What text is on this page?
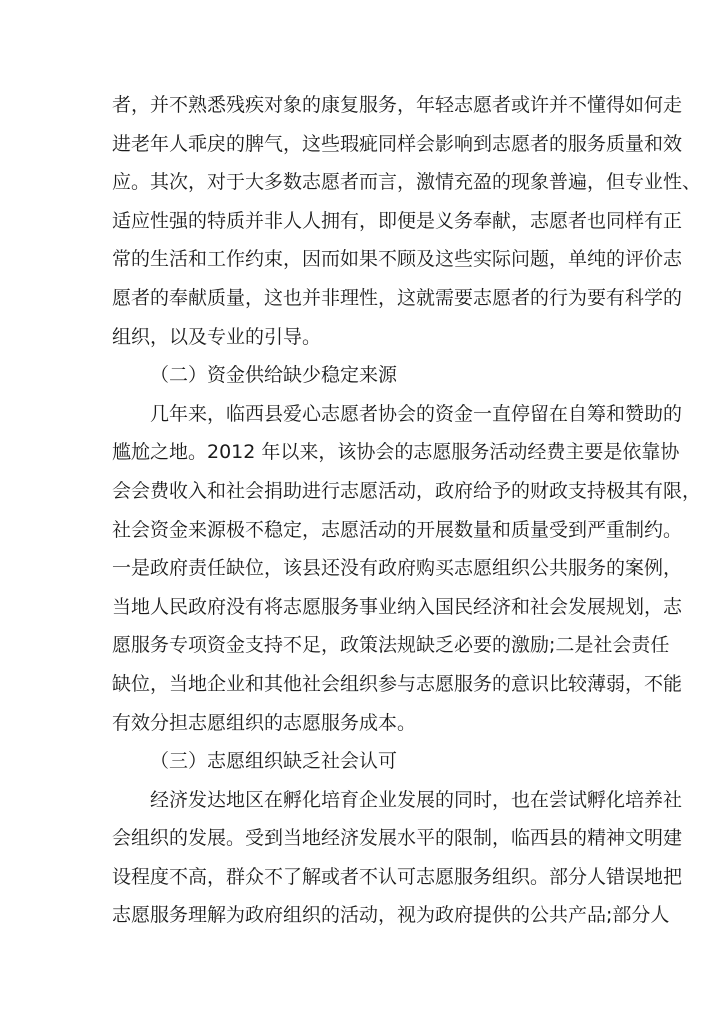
者，并不熟悉残疾对象的康复服务，年轻志愿者或许并不懂得如何走
进老年人乖戾的脾气，这些瑕疵同样会影响到志愿者的服务质量和效
应。其次，对于大多数志愿者而言，激情充盈的现象普遍，但专业性、
适应性强的特质并非人人拥有，即便是义务奉献，志愿者也同样有正
常的生活和工作约束，因而如果不顾及这些实际问题，单纯的评价志
愿者的奉献质量，这也并非理性，这就需要志愿者的行为要有科学的
组织，以及专业的引导。
（二）资金供给缺少稳定来源
几年来，临西县爱心志愿者协会的资金一直停留在自筹和赞助的
尴尬之地。2012 年以来，该协会的志愿服务活动经费主要是依靠协
会会费收入和社会捐助进行志愿活动，政府给予的财政支持极其有限，
社会资金来源极不稳定，志愿活动的开展数量和质量受到严重制约。
一是政府责任缺位，该县还没有政府购买志愿组织公共服务的案例，
当地人民政府没有将志愿服务事业纳入国民经济和社会发展规划，志
愿服务专项资金支持不足，政策法规缺乏必要的激励;二是社会责任
缺位，当地企业和其他社会组织参与志愿服务的意识比较薄弱，不能
有效分担志愿组织的志愿服务成本。
（三）志愿组织缺乏社会认可
经济发达地区在孵化培育企业发展的同时，也在尝试孵化培养社
会组织的发展。受到当地经济发展水平的限制，临西县的精神文明建
设程度不高，群众不了解或者不认可志愿服务组织。部分人错误地把
志愿服务理解为政府组织的活动，视为政府提供的公共产品;部分人
